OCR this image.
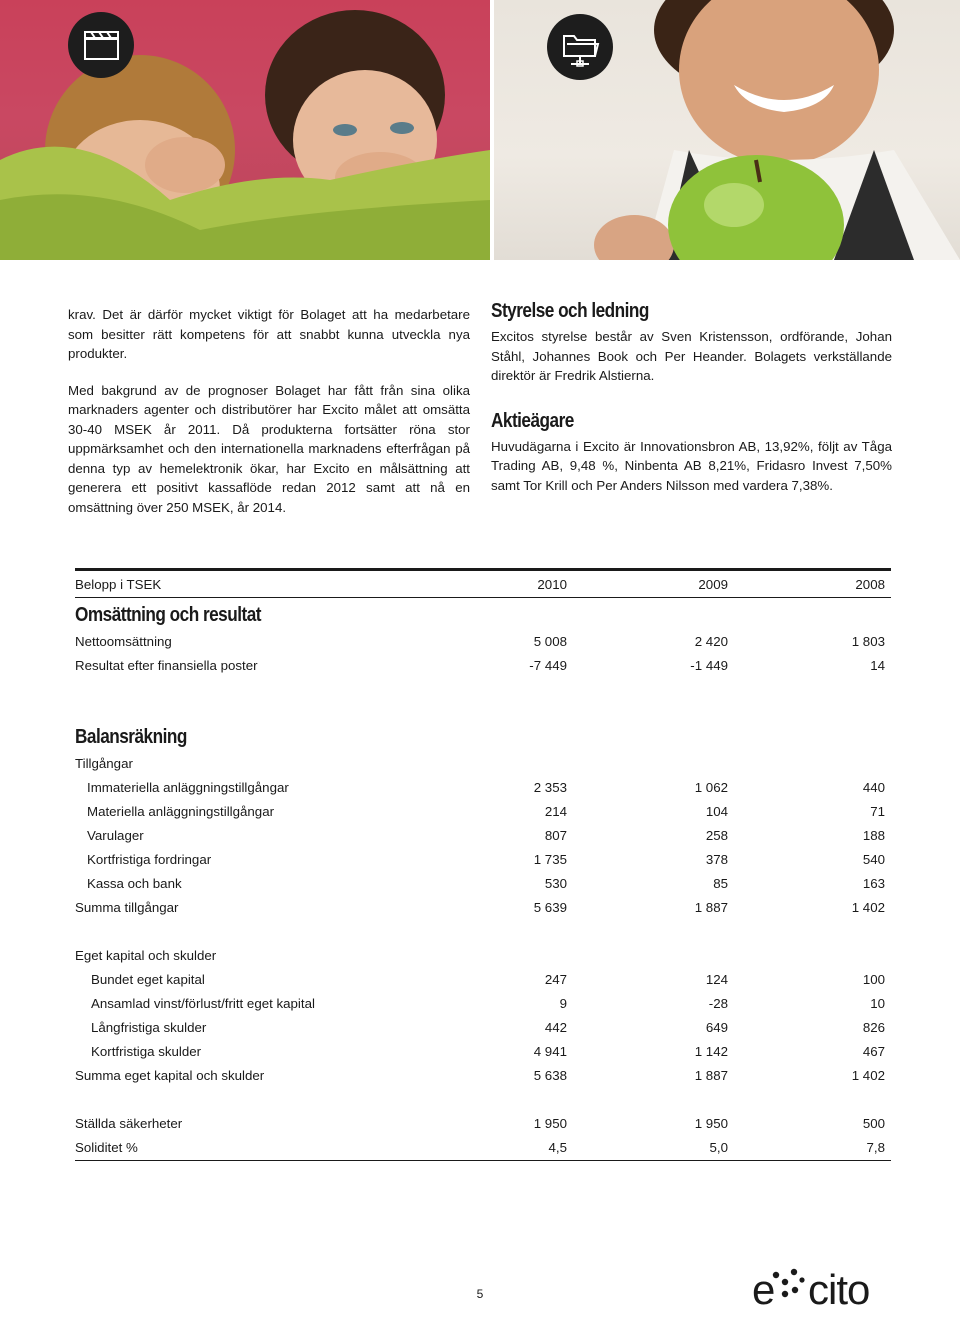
krav. Det är därför mycket viktigt för Bolaget att ha medarbetare som besitter rätt kompetens för att snabbt kunna utveckla nya produkter.

Med bakgrund av de prognoser Bolaget har fått från sina olika marknaders agenter och distributörer har Excito målet att omsätta 30-40 MSEK år 2011. Då produkterna fortsätter röna stor uppmärksamhet och den internationella marknadens efterfrågan på denna typ av hemelektronik ökar, har Excito en målsättning att generera ett positivt kassaflöde redan 2012 samt att nå en omsättning över 250 MSEK, år 2014.

Styrelse och ledning

Excitos styrelse består av Sven Kristensson, ordförande, Johan Ståhl, Johannes Book och Per Heander. Bolagets verkställande direktör är Fredrik Alstierna.

Aktieägare

Huvudägarna i Excito är Innovationsbron AB, 13,92%, följt av Tåga Trading AB, 9,48 %, Ninbenta AB 8,21%, Fridasro Invest 7,50% samt Tor Krill och Per Anders Nilsson med vardera 7,38%.

Belopp i TSEK	2010	2009	2008
Omsättning och resultat
Nettoomsättning	5 008	2 420	1 803
Resultat efter finansiella poster	-7 449	-1 449	14
Balansräkning
Tillgångar
Immateriella anläggningstillgångar	2 353	1 062	440
Materiella anläggningstillgångar	214	104	71
Varulager	807	258	188
Kortfristiga fordringar	1 735	378	540
Kassa och bank	530	85	163
Summa tillgångar	5 639	1 887	1 402
Eget kapital och skulder
Bundet eget kapital	247	124	100
Ansamlad vinst/förlust/fritt eget kapital	9	-28	10
Långfristiga skulder	442	649	826
Kortfristiga skulder	4 941	1 142	467
Summa eget kapital och skulder	5 638	1 887	1 402
Ställda säkerheter	1 950	1 950	500
Soliditet %	4,5	5,0	7,8
5	e cito
